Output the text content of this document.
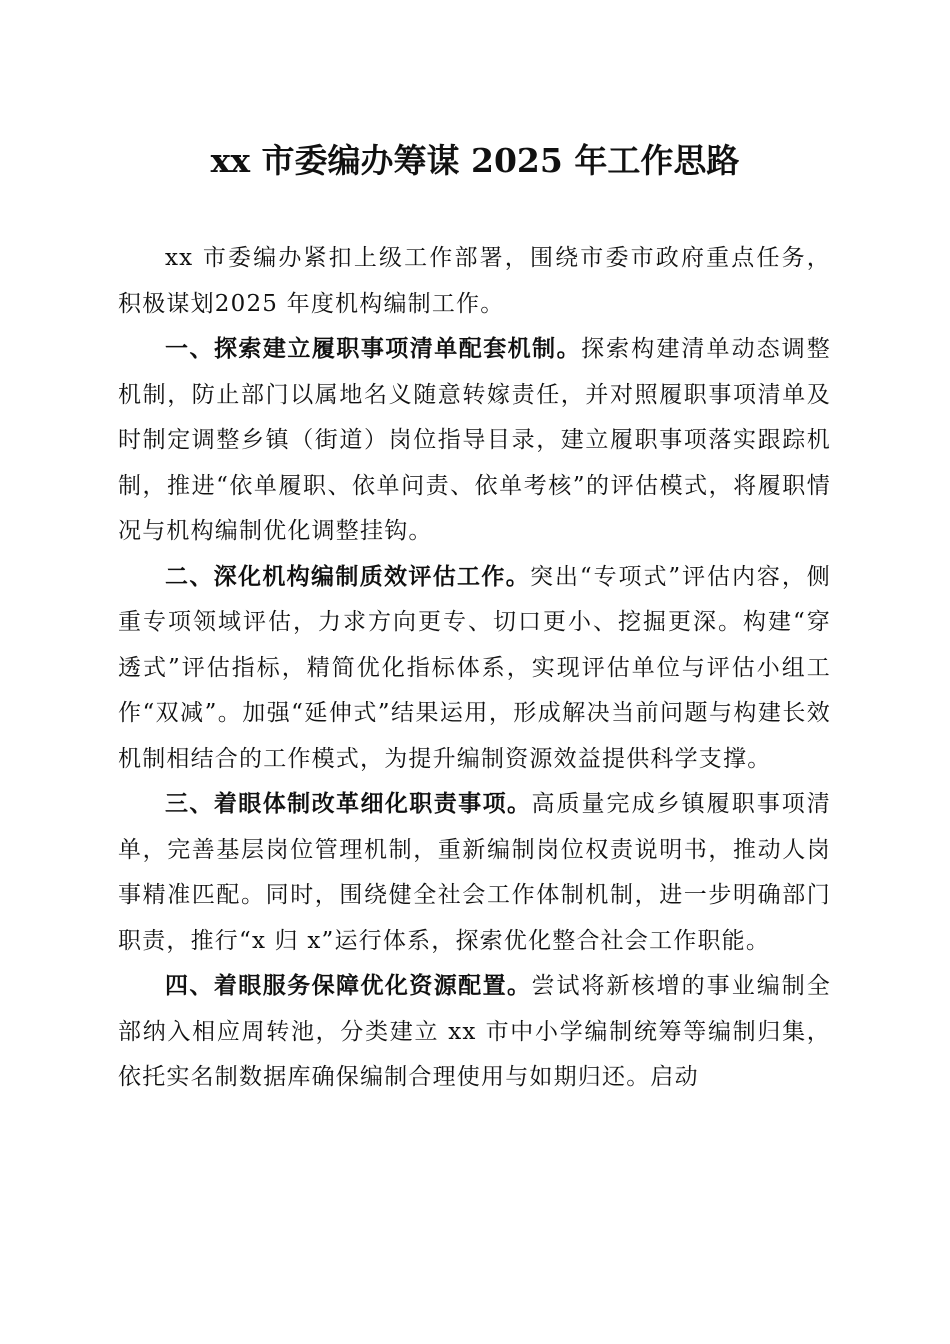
xx 市委编办筹谋 2025 年工作思路

xx 市委编办紧扣上级工作部署，围绕市委市政府重点任务，积极谋划2025 年度机构编制工作。

一、探索建立履职事项清单配套机制。探索构建清单动态调整机制，防止部门以属地名义随意转嫁责任，并对照履职事项清单及时制定调整乡镇（街道）岗位指导目录，建立履职事项落实跟踪机制，推进“依单履职、依单问责、依单考核”的评估模式，将履职情况与机构编制优化调整挂钩。

二、深化机构编制质效评估工作。突出“专项式”评估内容，侧重专项领域评估，力求方向更专、切口更小、挖掘更深。构建“穿透式”评估指标，精简优化指标体系，实现评估单位与评估小组工作“双减”。加强“延伸式”结果运用，形成解决当前问题与构建长效机制相结合的工作模式，为提升编制资源效益提供科学支撑。

三、着眼体制改革细化职责事项。高质量完成乡镇履职事项清单，完善基层岗位管理机制，重新编制岗位权责说明书，推动人岗事精准匹配。同时，围绕健全社会工作体制机制，进一步明确部门职责，推行“x 归 x”运行体系，探索优化整合社会工作职能。

四、着眼服务保障优化资源配置。尝试将新核增的事业编制全部纳入相应周转池，分类建立 xx 市中小学编制统筹等编制归集，依托实名制数据库确保编制合理使用与如期归还。启动
